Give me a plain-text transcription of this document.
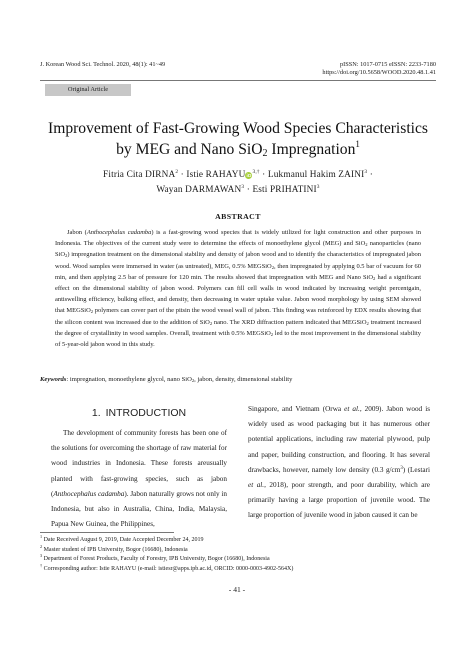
J. Korean Wood Sci. Technol. 2020, 48(1): 41~49	pISSN: 1017-0715 eISSN: 2233-7180
https://doi.org/10.5658/WOOD.2020.48.1.41
Original Article
Improvement of Fast-Growing Wood Species Characteristics
by MEG and Nano SiO$_2$ Impregnation$^1$
Fitria Cita $DIRNA^2$ · Istie RAHAYUiD$^{3,\dagger}$ · Lukmanul Hakim $ZAINI^3$ ·
Wayan $DARMAWAN^3$ · Esti PRIHATINI$^3$
ABSTRACT
Jabon (Anthocephalus cadamba) is a fast-growing wood species that is widely utilized for light construction and other purposes in Indonesia. The objectives of the current study were to determine the effects of monoethylene glycol (MEG) and SiO$_2$ nanoparticles (nano SiO$_2$) impregnation treatment on the dimensional stability and density of jabon wood and to identify the characteristics of impregnated jabon wood. Wood samples were immersed in water (as untreated), MEG, 0.5% MEGSiO$_2$, then impregnated by applying 0.5 bar of vacuum for 60 min, and then applying 2.5 bar of pressure for 120 min. The results showed that impregnation with MEG and Nano SiO$_2$ had a significant effect on the dimensional stability of jabon wood. Polymers can fill cell walls in wood indicated by increasing weight percentgain, antiswelling efficiency, bulking effect, and density, then decreasing in water uptake value. Jabon wood morphology by using SEM showed that MEGSiO$_2$ polymers can cover part of the pitsin the wood vessel wall of jabon. This finding was reinforced by EDX results showing that the silicon content was increased due to the addition of SiO$_2$ nano. The XRD diffraction pattern indicated that MEGSiO$_2$ treatment increased the degree of crystallinity in wood samples. Overall, treatment with 0.5% MEGSiO$_2$ led to the most improvement in the dimensional stability of 5-year-old jabon wood in this study.
Keywords: impregnation, monoethylene glycol, nano SiO$_2$, jabon, density, dimensional stability
1. INTRODUCTION

The development of community forests has been one of the solutions for overcoming the shortage of raw material for wood industries in Indonesia. These forests areusually planted with fast-growing species, such as jabon (Anthocephalus cadamba). Jabon naturally grows not only in Indonesia, but also in Australia, China, India, Malaysia, Papua New Guinea, the Philippines,

Singapore, and Vietnam (Orwa et al., 2009). Jabon wood is widely used as wood packaging but it has numerous other potential applications, including raw material plywood, pulp and paper, building construction, and flooring. It has several drawbacks, however, namely low density (0.3 $g/cm^3$) (Lestari et al., 2018), poor strength, and poor durability, which are primarily having a large proportion of juvenile wood. The large proportion of juvenile wood in jabon caused it can be

$^1$ Date Received August 9, 2019, Date Accepted December 24, 2019
$^2$ Master student of IPB University, Bogor (16680), Indonesia
$^3$ Department of Forest Products, Faculty of Forestry, IPB University, Bogor (16680), Indonesia
† Corresponding author: Istie RAHAYU (e-mail: istiesr@apps.ipb.ac.id, ORCID: 0000-0003-4902-564X)
- 41 -
